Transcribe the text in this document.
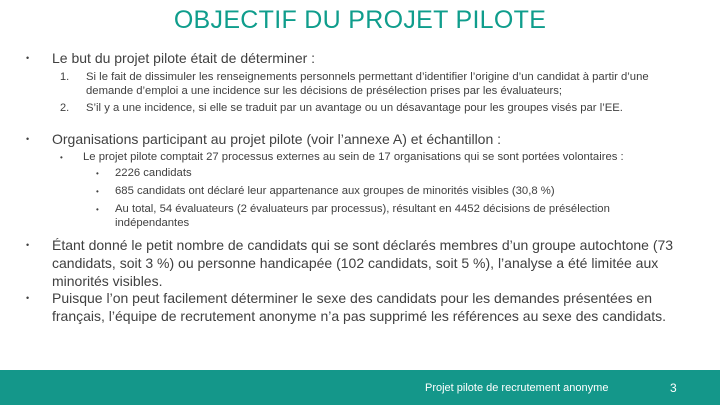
OBJECTIF DU PROJET PILOTE
•	Le but du projet pilote était de déterminer :
1.	Si le fait de dissimuler les renseignements personnels permettant d’identifier l’origine d’un candidat à partir d’une demande d’emploi a une incidence sur les décisions de présélection prises par les évaluateurs;
2.	S’il y a une incidence, si elle se traduit par un avantage ou un désavantage pour les groupes visés par l’EE.
•	Organisations participant au projet pilote (voir l’annexe A) et échantillon :
•	Le projet pilote comptait 27 processus externes au sein de 17 organisations qui se sont portées volontaires :
•	2226 candidats
•	685 candidats ont déclaré leur appartenance aux groupes de minorités visibles (30,8 %)
•	Au total, 54 évaluateurs (2 évaluateurs par processus), résultant en 4452 décisions de présélection indépendantes
•	Étant donné le petit nombre de candidats qui se sont déclarés membres d’un groupe autochtone (73 candidats, soit 3 %) ou personne handicapée (102 candidats, soit 5 %), l’analyse a été limitée aux minorités visibles.
•	Puisque l’on peut facilement déterminer le sexe des candidats pour les demandes présentées en français, l’équipe de recrutement anonyme n’a pas supprimé les références au sexe des candidats.
Projet pilote de recrutement anonyme	3
